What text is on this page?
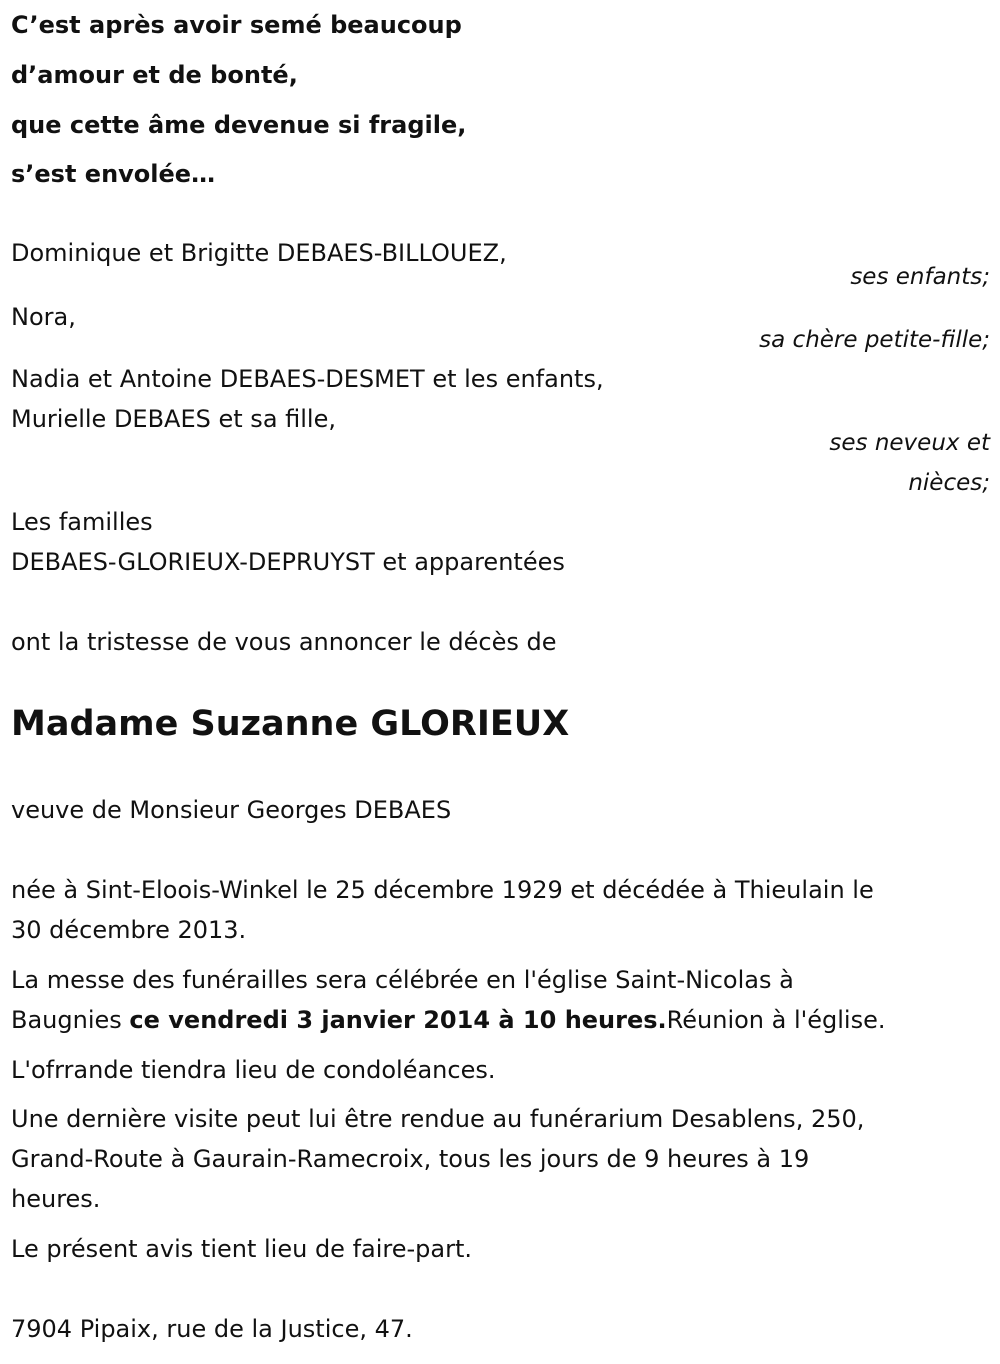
C’est après avoir semé beaucoup
d’amour et de bonté,
que cette âme devenue si fragile,
s’est envolée…
Dominique et Brigitte DEBAES-BILLOUEZ,
ses enfants;
Nora,
sa chère petite-fille;
Nadia et Antoine DEBAES-DESMET et les enfants,
Murielle DEBAES et sa fille,
ses neveux et
nièces;
Les familles
DEBAES-GLORIEUX-DEPRUYST et apparentées
ont la tristesse de vous annoncer le décès de
Madame Suzanne GLORIEUX
veuve de Monsieur Georges DEBAES
née à Sint-Eloois-Winkel le 25 décembre 1929 et décédée à Thieulain le
30 décembre 2013.
La messe des funérailles sera célébrée en l'église Saint-Nicolas à
Baugnies ce vendredi 3 janvier 2014 à 10 heures.Réunion à l'église.
L'ofrrande tiendra lieu de condoléances.
Une dernière visite peut lui être rendue au funérarium Desablens, 250,
Grand-Route à Gaurain-Ramecroix, tous les jours de 9 heures à 19
heures.
Le présent avis tient lieu de faire-part.
7904 Pipaix, rue de la Justice, 47.
